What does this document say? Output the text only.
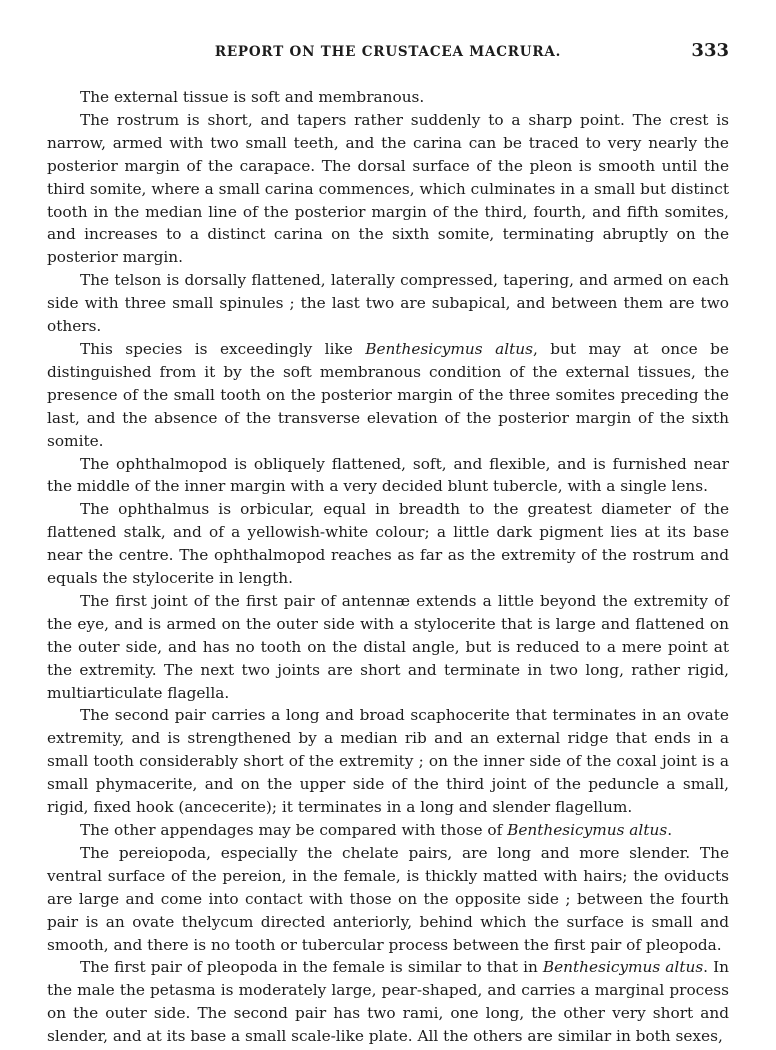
REPORT ON THE CRUSTACEA MACRURA.	333

The external tissue is soft and membranous.

The rostrum is short, and tapers rather suddenly to a sharp point. The crest is narrow, armed with two small teeth, and the carina can be traced to very nearly the posterior margin of the carapace. The dorsal surface of the pleon is smooth until the third somite, where a small carina commences, which culminates in a small but distinct tooth in the median line of the posterior margin of the third, fourth, and fifth somites, and increases to a distinct carina on the sixth somite, terminating abruptly on the posterior margin.

The telson is dorsally flattened, laterally compressed, tapering, and armed on each side with three small spinules ; the last two are subapical, and between them are two others.

This species is exceedingly like Benthesicymus altus, but may at once be distinguished from it by the soft membranous condition of the external tissues, the presence of the small tooth on the posterior margin of the three somites preceding the last, and the absence of the transverse elevation of the posterior margin of the sixth somite.

The ophthalmopod is obliquely flattened, soft, and flexible, and is furnished near the middle of the inner margin with a very decided blunt tubercle, with a single lens.

The ophthalmus is orbicular, equal in breadth to the greatest diameter of the flattened stalk, and of a yellowish-white colour; a little dark pigment lies at its base near the centre. The ophthalmopod reaches as far as the extremity of the rostrum and equals the stylocerite in length.

The first joint of the first pair of antennæ extends a little beyond the extremity of the eye, and is armed on the outer side with a stylocerite that is large and flattened on the outer side, and has no tooth on the distal angle, but is reduced to a mere point at the extremity. The next two joints are short and terminate in two long, rather rigid, multiarticulate flagella.

The second pair carries a long and broad scaphocerite that terminates in an ovate extremity, and is strengthened by a median rib and an external ridge that ends in a small tooth considerably short of the extremity ; on the inner side of the coxal joint is a small phymacerite, and on the upper side of the third joint of the peduncle a small, rigid, fixed hook (ancecerite); it terminates in a long and slender flagellum.

The other appendages may be compared with those of Benthesicymus altus.

The pereiopoda, especially the chelate pairs, are long and more slender. The ventral surface of the pereion, in the female, is thickly matted with hairs; the oviducts are large and come into contact with those on the opposite side ; between the fourth pair is an ovate thelycum directed anteriorly, behind which the surface is small and smooth, and there is no tooth or tubercular process between the first pair of pleopoda.

The first pair of pleopoda in the female is similar to that in Benthesicymus altus. In the male the petasma is moderately large, pear-shaped, and carries a marginal process on the outer side. The second pair has two rami, one long, the other very short and slender, and at its base a small scale-like plate. All the others are similar in both sexes,
